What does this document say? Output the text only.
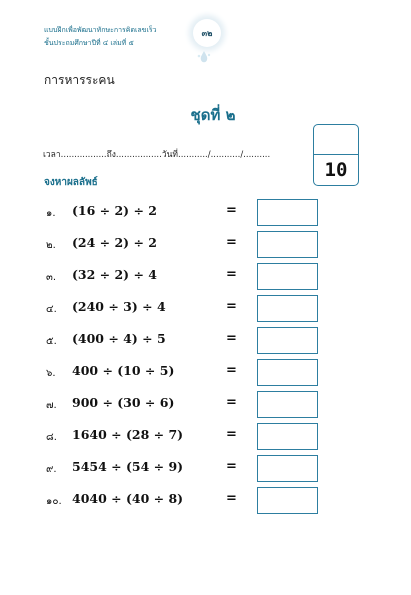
แบบฝึกเพื่อพัฒนาทักษะการคิดเลขเร็ว
ชั้นประถมศึกษาปีที่ ๔ เล่มที่ ๕
๓๒
การหารระคน
ชุดที่ ๒
เวลา.................ถึง.................วันที่.........../.........../..........
10
จงหาผลลัพธ์
๑. (16 ÷ 2) ÷ 2	=
๒. (24 ÷ 2) ÷ 2	=
๓. (32 ÷ 2) ÷ 4	=
๔. (240 ÷ 3) ÷ 4	=
๕. (400 ÷ 4) ÷ 5	=
๖. 400 ÷ (10 ÷ 5)	=
๗. 900 ÷ (30 ÷ 6)	=
๘. 1640 ÷ (28 ÷ 7)	=
๙. 5454 ÷ (54 ÷ 9)	=
๑๐. 4040 ÷ (40 ÷ 8)	=
